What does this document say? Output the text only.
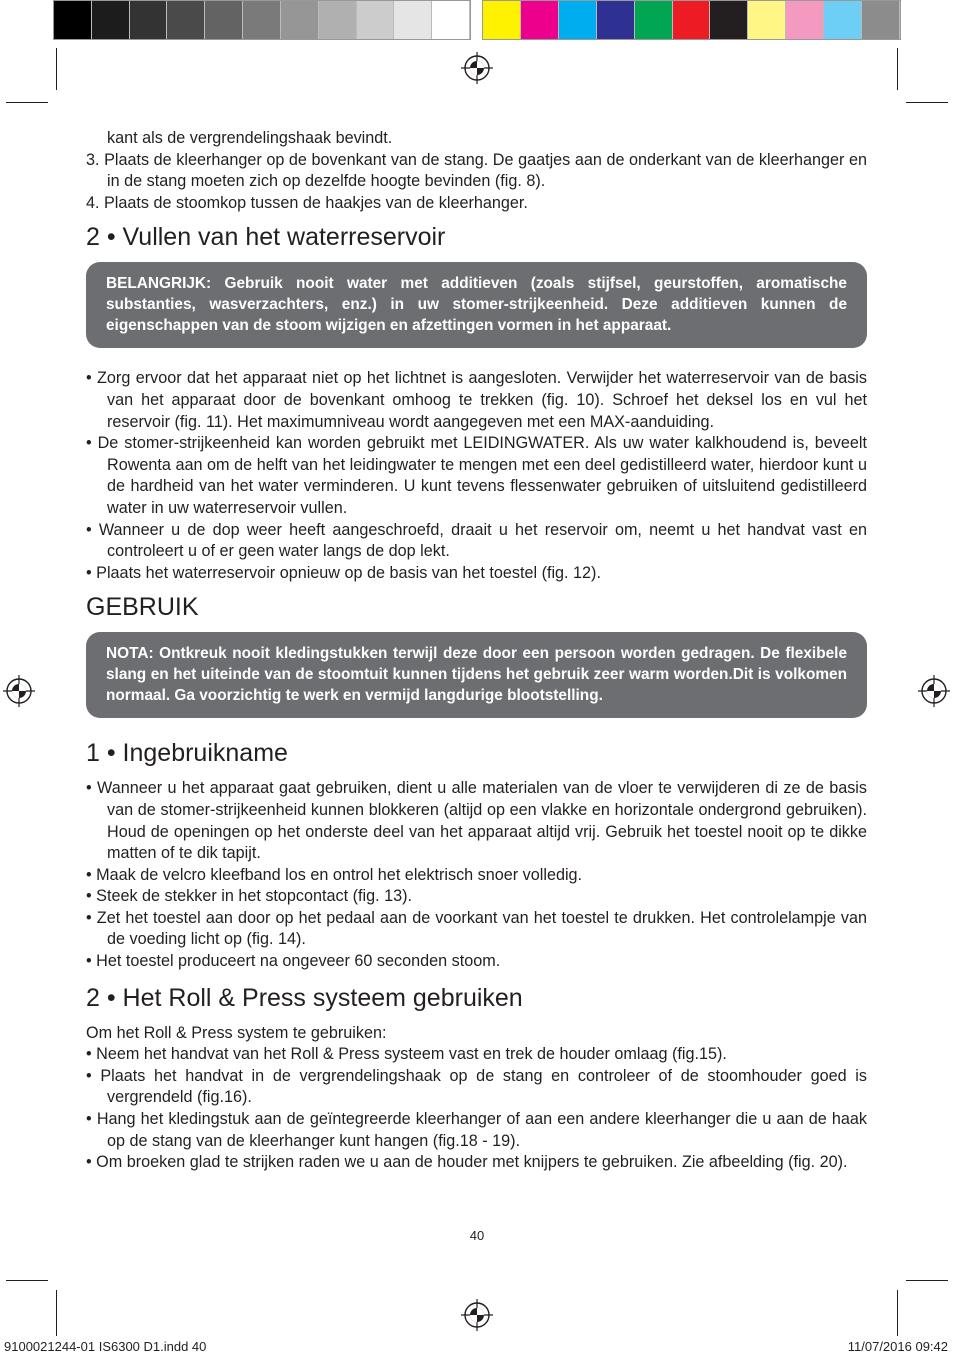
kant als de vergrendelingshaak bevindt.

3. Plaats de kleerhanger op de bovenkant van de stang. De gaatjes aan de onderkant van de kleerhanger en in de stang moeten zich op dezelfde hoogte bevinden (fig. 8).

4. Plaats de stoomkop tussen de haakjes van de kleerhanger.

2 • Vullen van het waterreservoir
BELANGRIJK: Gebruik nooit water met additieven (zoals stijfsel, geurstoffen, aromatische substanties, wasverzachters, enz.) in uw stomer-strijkeenheid. Deze additieven kunnen de eigenschappen van de stoom wijzigen en afzettingen vormen in het apparaat.

• Zorg ervoor dat het apparaat niet op het lichtnet is aangesloten. Verwijder het waterreservoir van de basis van het apparaat door de bovenkant omhoog te trekken (fig. 10). Schroef het deksel los en vul het reservoir (fig. 11). Het maximumniveau wordt aangegeven met een MAX-aanduiding.

• De stomer-strijkeenheid kan worden gebruikt met LEIDINGWATER. Als uw water kalkhoudend is, beveelt Rowenta aan om de helft van het leidingwater te mengen met een deel gedistilleerd water, hierdoor kunt u de hardheid van het water verminderen. U kunt tevens flessenwater gebruiken of uitsluitend gedistilleerd water in uw waterreservoir vullen.

• Wanneer u de dop weer heeft aangeschroefd, draait u het reservoir om, neemt u het handvat vast en controleert u of er geen water langs de dop lekt.

• Plaats het waterreservoir opnieuw op de basis van het toestel (fig. 12).

GEBRUIK
NOTA: Ontkreuk nooit kledingstukken terwijl deze door een persoon worden gedragen. De flexibele slang en het uiteinde van de stoomtuit kunnen tijdens het gebruik zeer warm worden.Dit is volkomen normaal. Ga voorzichtig te werk en vermijd langdurige blootstelling.
1 • Ingebruikname

• Wanneer u het apparaat gaat gebruiken, dient u alle materialen van de vloer te verwijderen di ze de basis van de stomer-strijkeenheid kunnen blokkeren (altijd op een vlakke en horizontale ondergrond gebruiken). Houd de openingen op het onderste deel van het apparaat altijd vrij. Gebruik het toestel nooit op te dikke matten of te dik tapijt.

• Maak de velcro kleefband los en ontrol het elektrisch snoer volledig.

• Steek de stekker in het stopcontact (fig. 13).

• Zet het toestel aan door op het pedaal aan de voorkant van het toestel te drukken. Het controlelampje van de voeding licht op (fig. 14).

• Het toestel produceert na ongeveer 60 seconden stoom.

2 • Het Roll & Press systeem gebruiken

Om het Roll & Press system te gebruiken:

• Neem het handvat van het Roll & Press systeem vast en trek de houder omlaag (fig.15).

• Plaats het handvat in de vergrendelingshaak op de stang en controleer of de stoomhouder goed is vergrendeld (fig.16).

• Hang het kledingstuk aan de geïntegreerde kleerhanger of aan een andere kleerhanger die u aan de haak op de stang van de kleerhanger kunt hangen (fig.18 - 19).

• Om broeken glad te strijken raden we u aan de houder met knijpers te gebruiken. Zie afbeelding (fig. 20).

40
9100021244-01 IS6300 D1.indd 40	11/07/2016 09:42
